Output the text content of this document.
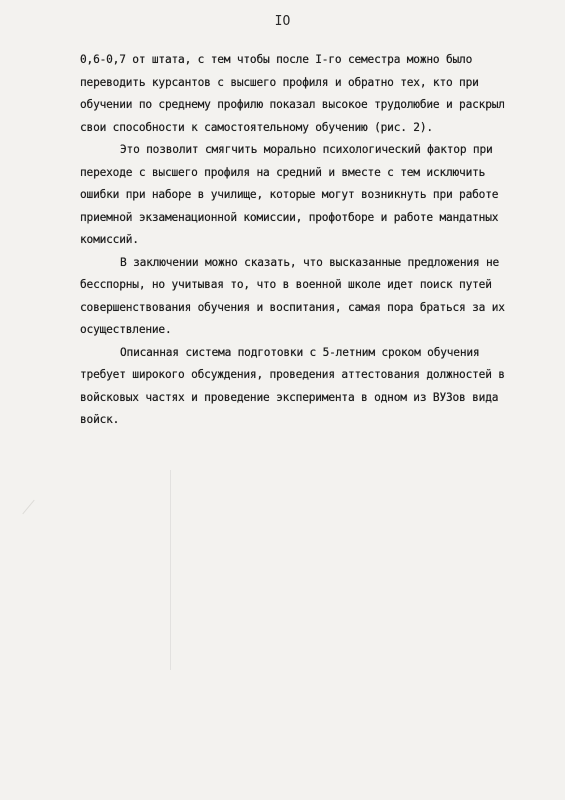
IO

0,6-0,7 от штата, с тем чтобы после I-го семестра можно было переводить курсантов с высшего профиля и обратно тех, кто при обучении по среднему профилю показал высокое трудолюбие и раскрыл свои способности к самостоятельному обучению (рис. 2).

Это позволит смягчить морально психологический фактор при переходе с высшего профиля на средний и вместе с тем исключить ошибки при наборе в училище, которые могут возникнуть при работе приемной экзаменационной комиссии, профотборе и работе мандатных комиссий.

В заключении можно сказать, что высказанные предложения не бесспорны, но учитывая то, что в военной школе идет поиск путей совершенствования обучения и воспитания, самая пора браться за их осуществление.

Описанная система подготовки с 5-летним сроком обучения требует широкого обсуждения, проведения аттестования должностей в войсковых частях и проведение эксперимента в одном из ВУЗов вида войск.
